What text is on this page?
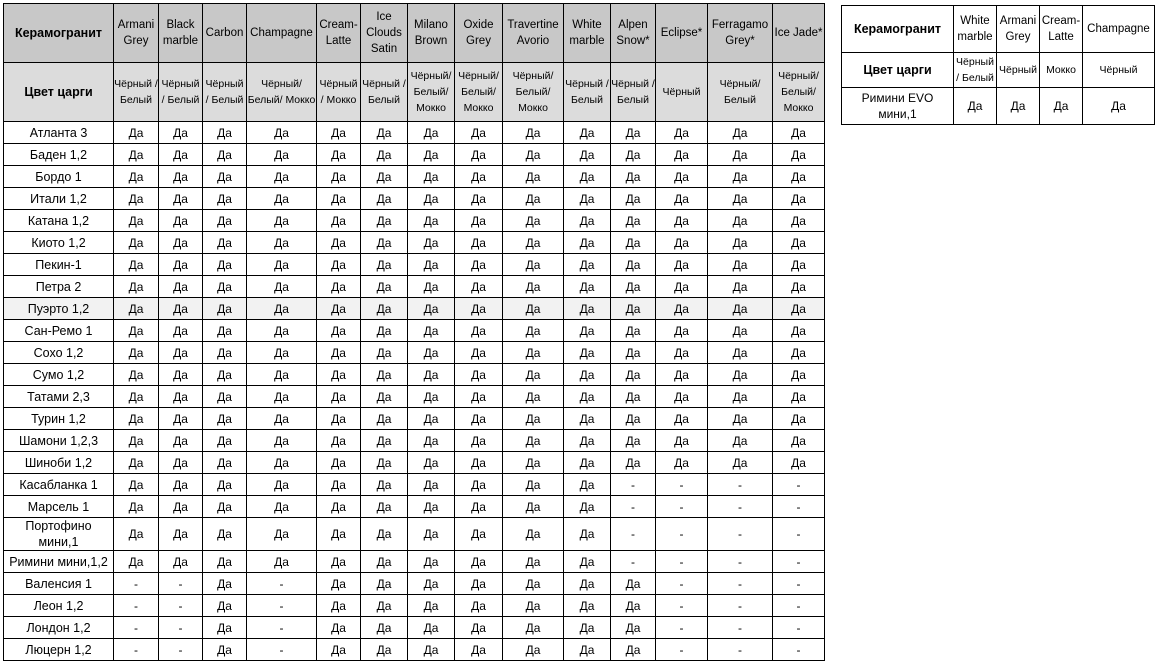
Керамогранит	Armani Grey	Black marble	Carbon	Champagne	Cream-Latte	Ice Clouds Satin	Milano Brown	Oxide Grey	Travertine Avorio	White marble	Alpen Snow*	Eclipse*	Ferragamo Grey*	Ice Jade*
Цвет царги	Чёрный / Белый	Чёрный / Белый	Чёрный / Белый	Чёрный/ Белый/ Мокко	Чёрный / Мокко	Чёрный / Белый	Чёрный/ Белый/ Мокко	Чёрный/ Белый/ Мокко	Чёрный/ Белый/ Мокко	Чёрный / Белый	Чёрный / Белый	Чёрный	Чёрный/ Белый	Чёрный/ Белый/ Мокко
Атланта 3	Да	Да	Да	Да	Да	Да	Да	Да	Да	Да	Да	Да	Да	Да
Баден 1,2	Да	Да	Да	Да	Да	Да	Да	Да	Да	Да	Да	Да	Да	Да
Бордо 1	Да	Да	Да	Да	Да	Да	Да	Да	Да	Да	Да	Да	Да	Да
Итали 1,2	Да	Да	Да	Да	Да	Да	Да	Да	Да	Да	Да	Да	Да	Да
Катана 1,2	Да	Да	Да	Да	Да	Да	Да	Да	Да	Да	Да	Да	Да	Да
Киото 1,2	Да	Да	Да	Да	Да	Да	Да	Да	Да	Да	Да	Да	Да	Да
Пекин-1	Да	Да	Да	Да	Да	Да	Да	Да	Да	Да	Да	Да	Да	Да
Петра 2	Да	Да	Да	Да	Да	Да	Да	Да	Да	Да	Да	Да	Да	Да
Пуэрто 1,2	Да	Да	Да	Да	Да	Да	Да	Да	Да	Да	Да	Да	Да	Да
Сан-Ремо 1	Да	Да	Да	Да	Да	Да	Да	Да	Да	Да	Да	Да	Да	Да
Сохо 1,2	Да	Да	Да	Да	Да	Да	Да	Да	Да	Да	Да	Да	Да	Да
Сумо 1,2	Да	Да	Да	Да	Да	Да	Да	Да	Да	Да	Да	Да	Да	Да
Татами 2,3	Да	Да	Да	Да	Да	Да	Да	Да	Да	Да	Да	Да	Да	Да
Турин 1,2	Да	Да	Да	Да	Да	Да	Да	Да	Да	Да	Да	Да	Да	Да
Шамони 1,2,3	Да	Да	Да	Да	Да	Да	Да	Да	Да	Да	Да	Да	Да	Да
Шиноби 1,2	Да	Да	Да	Да	Да	Да	Да	Да	Да	Да	Да	Да	Да	Да
Касабланка 1	Да	Да	Да	Да	Да	Да	Да	Да	Да	Да	-	-	-	-
Марсель 1	Да	Да	Да	Да	Да	Да	Да	Да	Да	Да	-	-	-	-
Портофино мини,1	Да	Да	Да	Да	Да	Да	Да	Да	Да	Да	-	-	-	-
Римини мини,1,2	Да	Да	Да	Да	Да	Да	Да	Да	Да	Да	-	-	-	-
Валенсия 1	-	-	Да	-	Да	Да	Да	Да	Да	Да	Да	-	-	-
Леон 1,2	-	-	Да	-	Да	Да	Да	Да	Да	Да	Да	-	-	-
Лондон 1,2	-	-	Да	-	Да	Да	Да	Да	Да	Да	Да	-	-	-
Люцерн 1,2	-	-	Да	-	Да	Да	Да	Да	Да	Да	Да	-	-	-
Керамогранит	White marble	Armani Grey	Cream-Latte	Champagne
Цвет царги	Чёрный / Белый	Чёрный	Мокко	Чёрный
Римини EVO мини,1	Да	Да	Да	Да
